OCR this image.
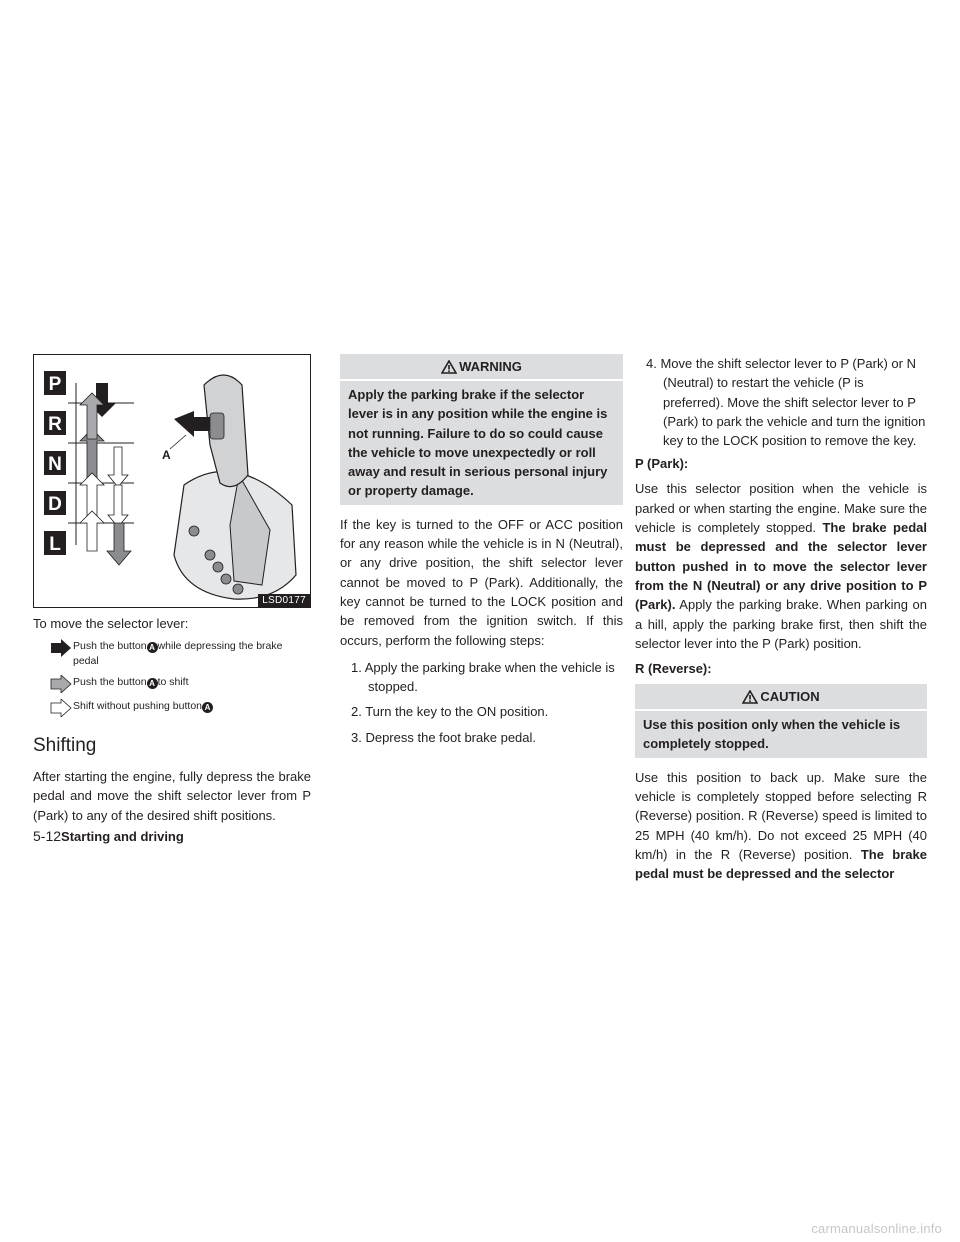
P
R
N
D
L
A
LSD0177
To move the selector lever:
Push the button A while depressing the brake pedal
Push the button A to shift
Shift without pushing button A
Shifting

After starting the engine, fully depress the brake pedal and move the shift selector lever from P (Park) to any of the desired shift positions.

WARNING
Apply the parking brake if the selector lever is in any position while the engine is not running. Failure to do so could cause the vehicle to move unexpectedly or roll away and result in serious personal injury or property damage.

If the key is turned to the OFF or ACC position for any reason while the vehicle is in N (Neutral), or any drive position, the shift selector lever cannot be moved to P (Park). Additionally, the key cannot be turned to the LOCK position and be removed from the ignition switch. If this occurs, perform the following steps:

1. Apply the parking brake when the vehicle is stopped.
2. Turn the key to the ON position.
3. Depress the foot brake pedal.
4. Move the shift selector lever to P (Park) or N (Neutral) to restart the vehicle (P is preferred). Move the shift selector lever to P (Park) to park the vehicle and turn the ignition key to the LOCK position to remove the key.
P (Park):

Use this selector position when the vehicle is parked or when starting the engine. Make sure the vehicle is completely stopped. The brake pedal must be depressed and the selector lever button pushed in to move the selector lever from the N (Neutral) or any drive position to P (Park). Apply the parking brake. When parking on a hill, apply the parking brake first, then shift the selector lever into the P (Park) position.

R (Reverse):
CAUTION
Use this position only when the vehicle is completely stopped.

Use this position to back up. Make sure the vehicle is completely stopped before selecting R (Reverse) position. R (Reverse) speed is limited to 25 MPH (40 km/h). Do not exceed 25 MPH (40 km/h) in the R (Reverse) position. The brake pedal must be depressed and the selector

5-12Starting and driving
carmanualsonline.info
